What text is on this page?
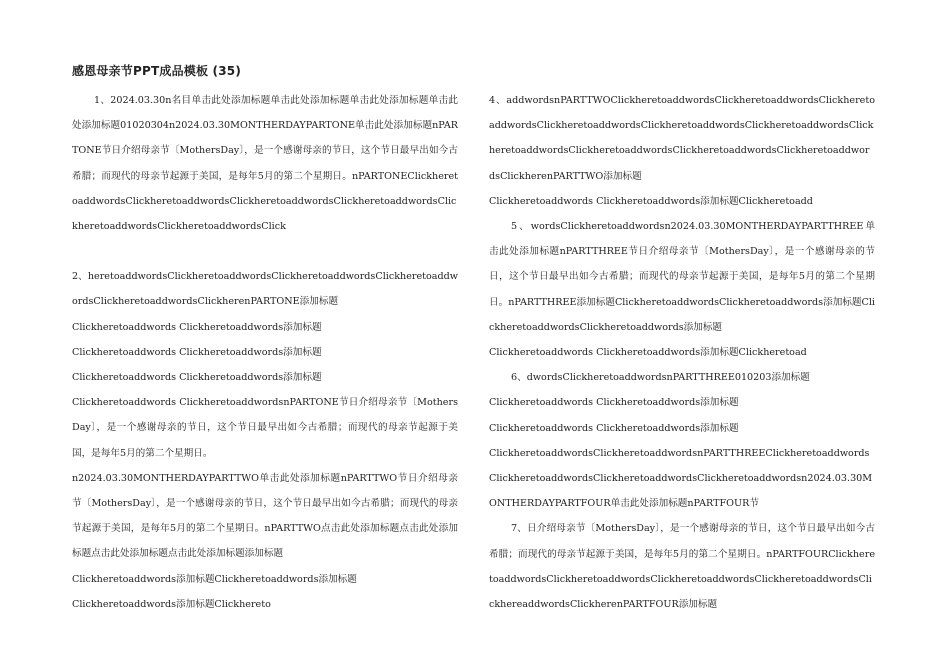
感恩母亲节PPT成品模板 (35)

1、2024.03.30n名目单击此处添加标题单击此处添加标题单击此处添加标题单击此处添加标题01020304n2024.03.30MONTHERDAYPARTONE单击此处添加标题nPARTONE节日介绍母亲节〔MothersDay〕，是一个感谢母亲的节日，这个节日最早出如今古希腊；而现代的母亲节起源于美国，是每年5月的第二个星期日。nPARTONEClickheretoaddwordsClickheretoaddwordsClickheretoaddwordsClickheretoaddwordsClickheretoaddwordsClickheretoaddwordsClick

2、heretoaddwordsClickheretoaddwordsClickheretoaddwordsClickheretoaddwordsClickheretoaddwordsClickherenPARTONE添加标题

Clickheretoaddwords Clickheretoaddwords添加标题

Clickheretoaddwords Clickheretoaddwords添加标题

Clickheretoaddwords Clickheretoaddwords添加标题

Clickheretoaddwords ClickheretoaddwordsnPARTONE节日介绍母亲节〔MothersDay〕，是一个感谢母亲的节日，这个节日最早出如今古希腊；而现代的母亲节起源于美国，是每年5月的第二个星期日。

n2024.03.30MONTHERDAYPARTTWO单击此处添加标题nPARTTWO节日介绍母亲节〔MothersDay〕，是一个感谢母亲的节日，这个节日最早出如今古希腊；而现代的母亲节起源于美国，是每年5月的第二个星期日。nPARTTWO点击此处添加标题点击此处添加标题点击此处添加标题点击此处添加标题添加标题

Clickheretoaddwords添加标题Clickheretoaddwords添加标题

Clickheretoaddwords添加标题Clickhereto

4、addwordsnPARTTWOClickheretoaddwordsClickheretoaddwordsClickheretoaddwordsClickheretoaddwordsClickheretoaddwordsClickheretoaddwordsClickheretoaddwordsClickheretoaddwordsClickheretoaddwordsClickheretoaddwordsClickherenPARTTWO添加标题

Clickheretoaddwords Clickheretoaddwords添加标题Clickheretoadd

5、wordsClickheretoaddwordsn2024.03.30MONTHERDAYPARTTHREE单击此处添加标题nPARTTHREE节日介绍母亲节〔MothersDay〕，是一个感谢母亲的节日，这个节日最早出如今古希腊；而现代的母亲节起源于美国，是每年5月的第二个星期日。nPARTTHREE添加标题ClickheretoaddwordsClickheretoaddwords添加标题ClickheretoaddwordsClickheretoaddwords添加标题

Clickheretoaddwords Clickheretoaddwords添加标题Clickheretoad

6、dwordsClickheretoaddwordsnPARTTHREE010203添加标题

Clickheretoaddwords Clickheretoaddwords添加标题

Clickheretoaddwords Clickheretoaddwords添加标题

ClickheretoaddwordsClickheretoaddwordsnPARTTHREEClickheretoaddwordsClickheretoaddwordsClickheretoaddwordsClickheretoaddwordsn2024.03.30MONTHERDAYPARTFOUR单击此处添加标题nPARTFOUR节

7、日介绍母亲节〔MothersDay〕，是一个感谢母亲的节日，这个节日最早出如今古希腊；而现代的母亲节起源于美国，是每年5月的第二个星期日。nPARTFOURClickheretoaddwordsClickheretoaddwordsClickheretoaddwordsClickheretoaddwordsClickhereaddwordsClickherenPARTFOUR添加标题
